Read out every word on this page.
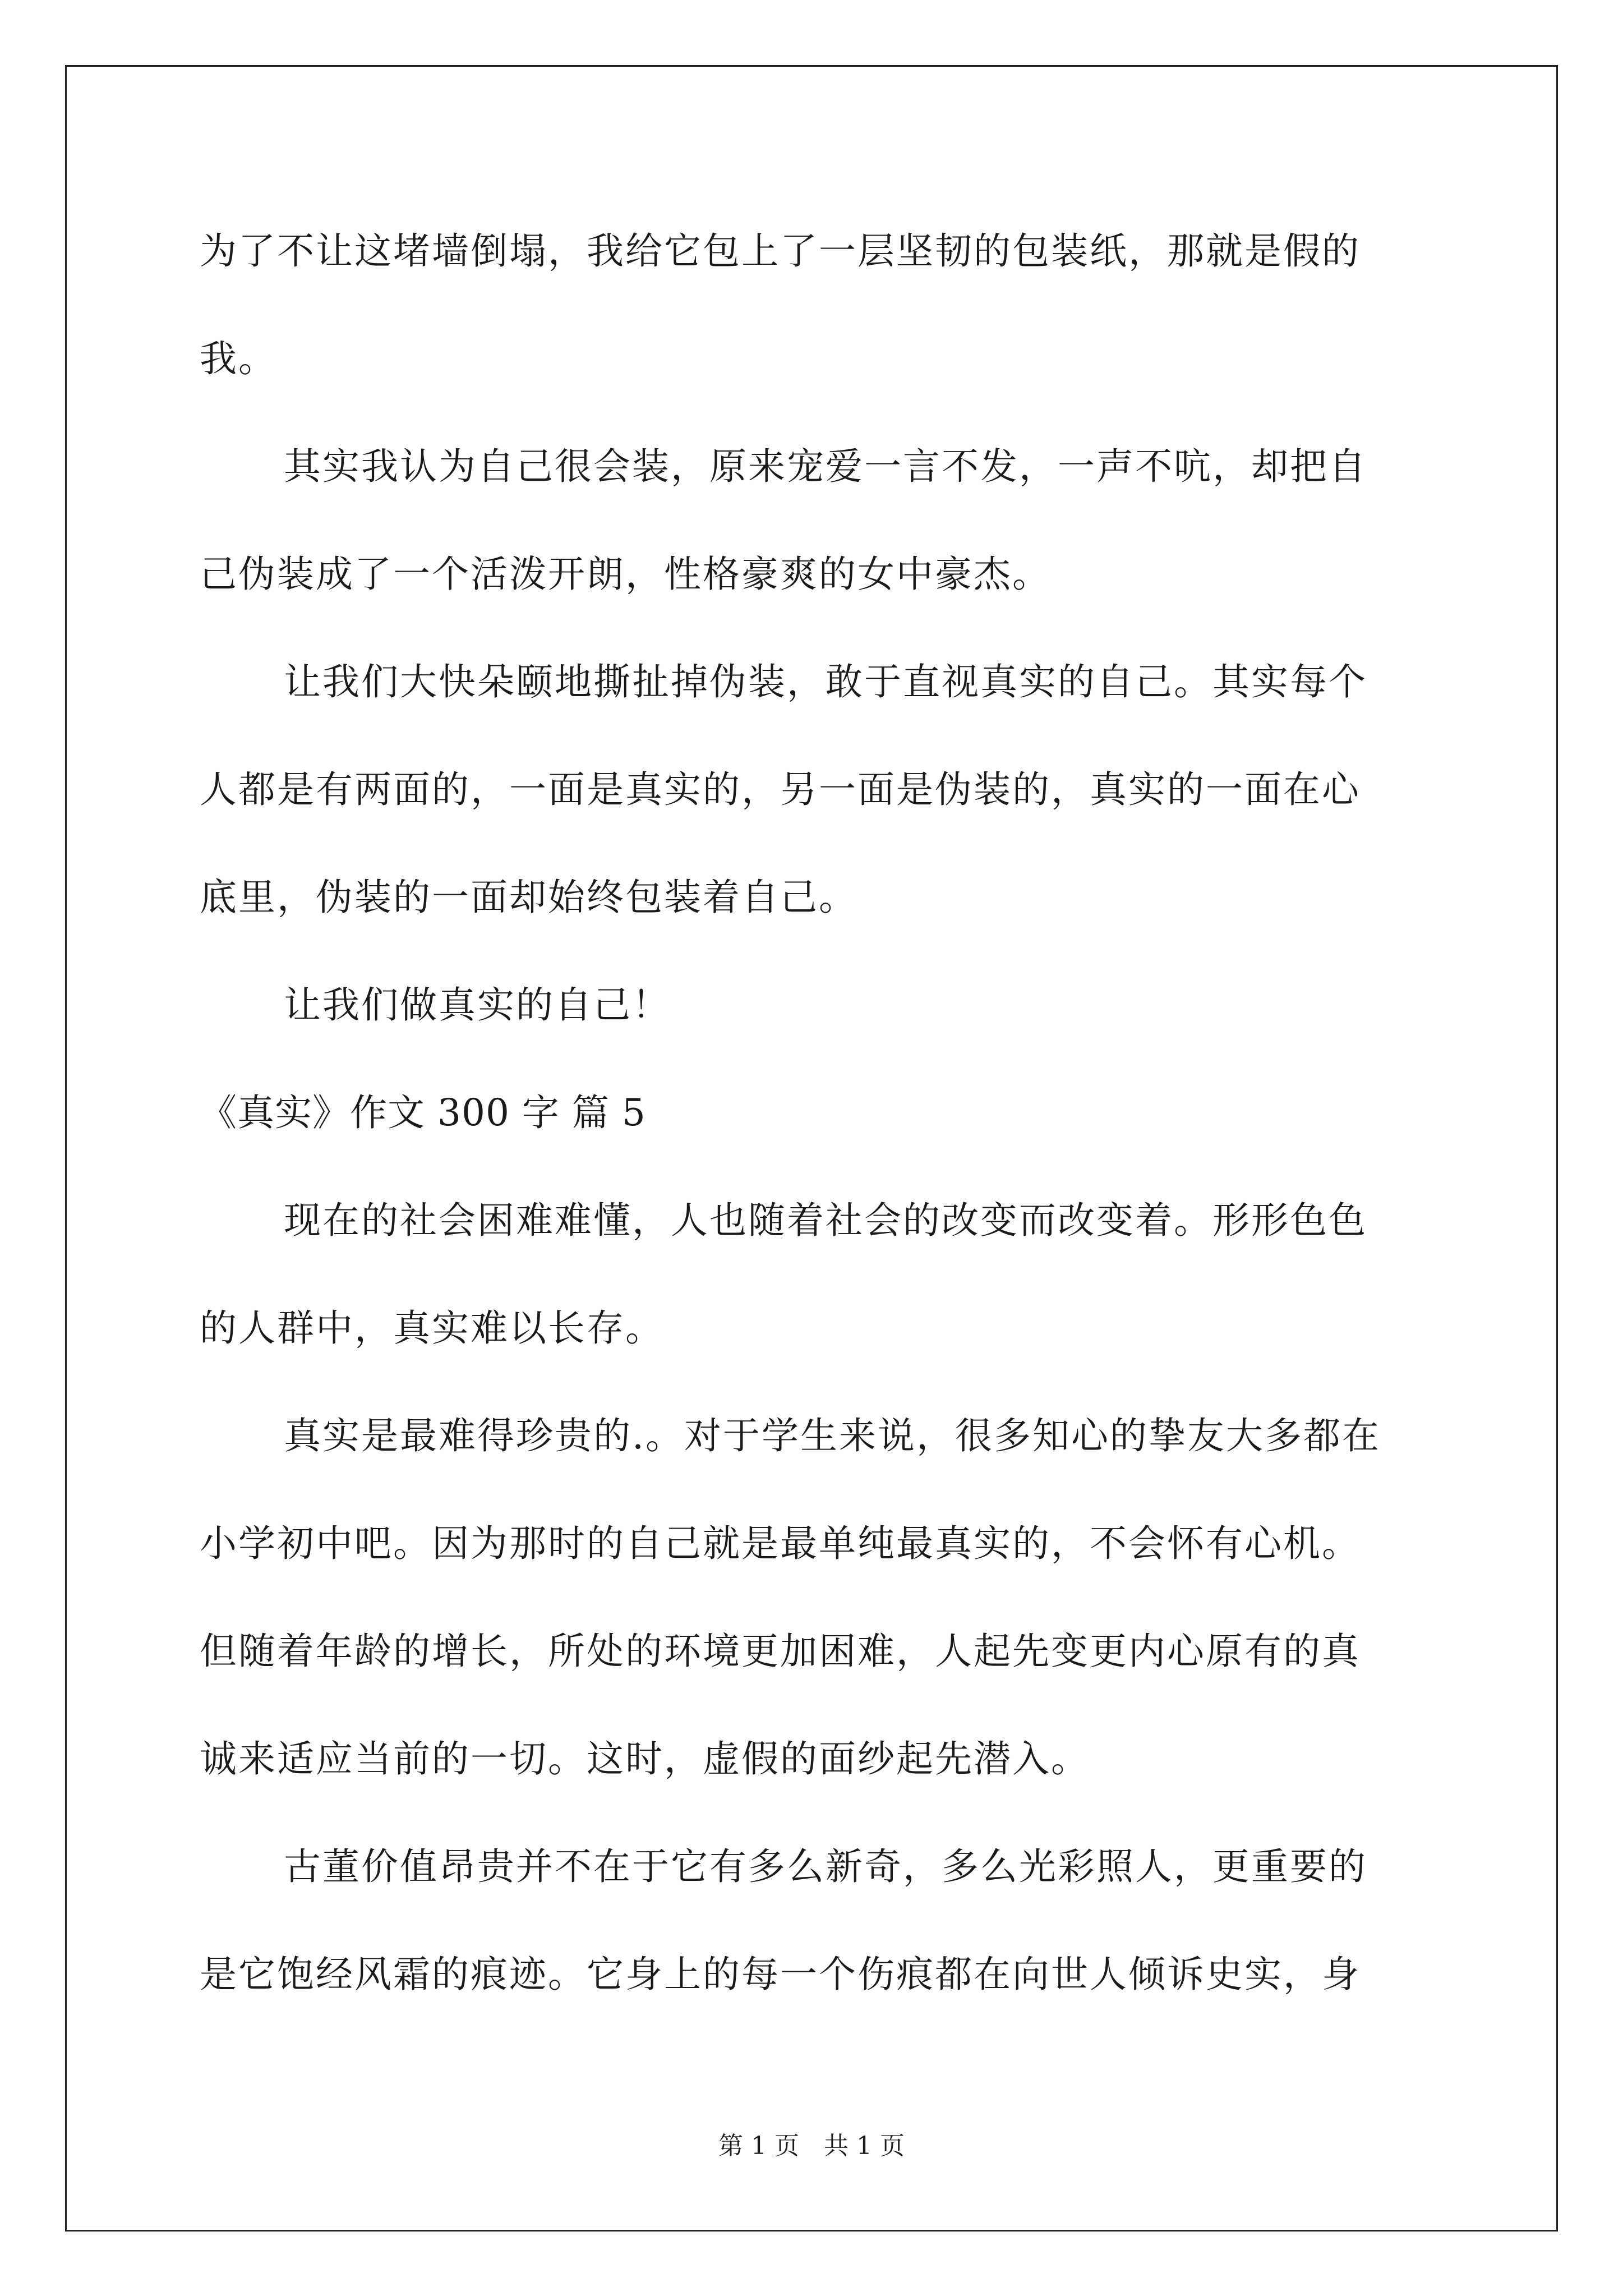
为了不让这堵墙倒塌，我给它包上了一层坚韧的包装纸，那就是假的
我。
其实我认为自己很会装，原来宠爱一言不发，一声不吭，却把自
己伪装成了一个活泼开朗，性格豪爽的女中豪杰。
让我们大快朵颐地撕扯掉伪装，敢于直视真实的自己。其实每个
人都是有两面的，一面是真实的，另一面是伪装的，真实的一面在心
底里，伪装的一面却始终包装着自己。
让我们做真实的自己！
《真实》作文 300 字 篇 5
现在的社会困难难懂，人也随着社会的改变而改变着。形形色色
的人群中，真实难以长存。
真实是最难得珍贵的.。对于学生来说，很多知心的挚友大多都在
小学初中吧。因为那时的自己就是最单纯最真实的，不会怀有心机。
但随着年龄的增长，所处的环境更加困难，人起先变更内心原有的真
诚来适应当前的一切。这时，虚假的面纱起先潜入。
古董价值昂贵并不在于它有多么新奇，多么光彩照人，更重要的
是它饱经风霜的痕迹。它身上的每一个伤痕都在向世人倾诉史实，身
第 1 页　共 1 页
